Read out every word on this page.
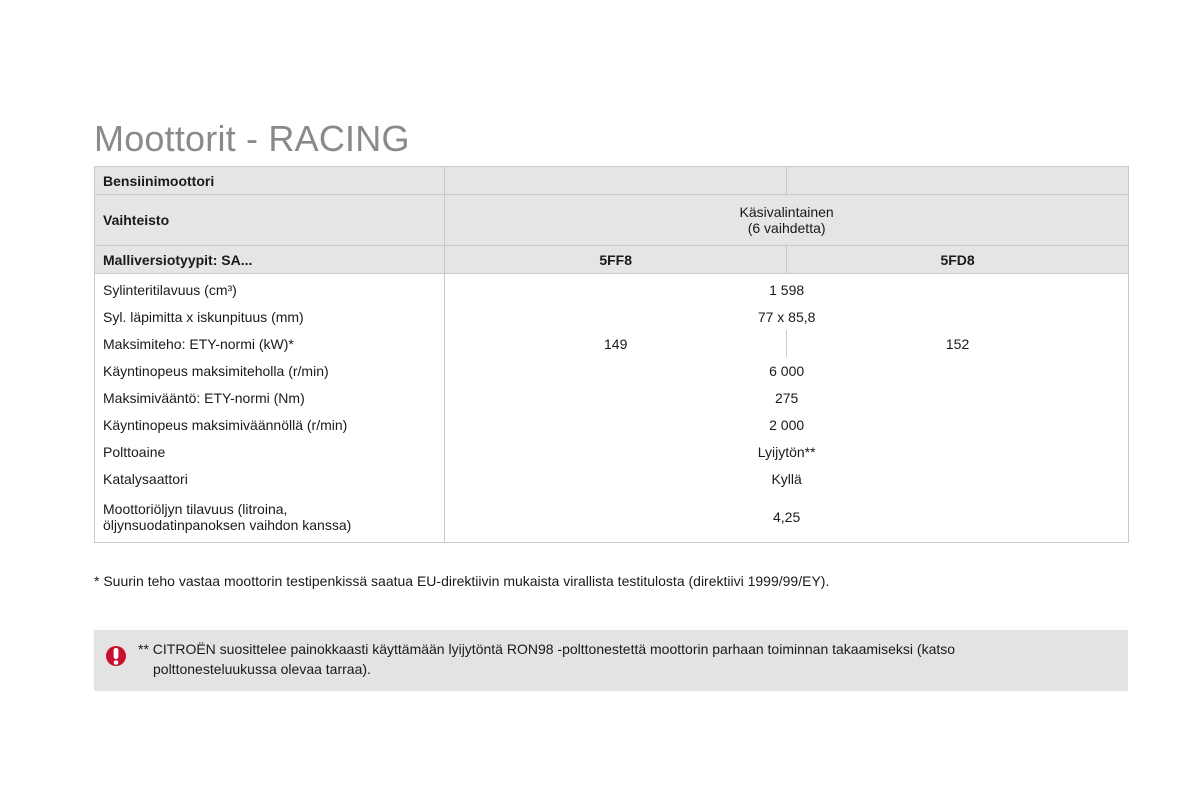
Moottorit - RACING
Bensiinimoottori		
Vaihteisto	Käsivalintainen
(6 vaihdetta)	

Malliversiotyypit: SA...	5FF8	5FD8
Sylinteritilavuus (cm³)	1 598	
Syl. läpimitta x iskunpituus (mm)	77 x 85,8	
Maksimiteho: ETY-normi (kW)*	149	152
Käyntinopeus maksimiteholla (r/min)	6 000	
Maksimivääntö: ETY-normi (Nm)	275	
Käyntinopeus maksimiväännöllä (r/min)	2 000	
Polttoaine	Lyijytön**	
Katalysaattori	Kyllä	

Moottoriöljyn tilavuus (litroina,
öljynsuodatinpanoksen vaihdon kanssa)	4,25	
* Suurin teho vastaa moottorin testipenkissä saatua EU-direktiivin mukaista virallista testitulosta (direktiivi 1999/99/EY).
** CITROËN suosittelee painokkaasti käyttämään lyijytöntä RON98 -polttonestettä moottorin parhaan toiminnan takaamiseksi (katso
polttonesteluukussa olevaa tarraa).
